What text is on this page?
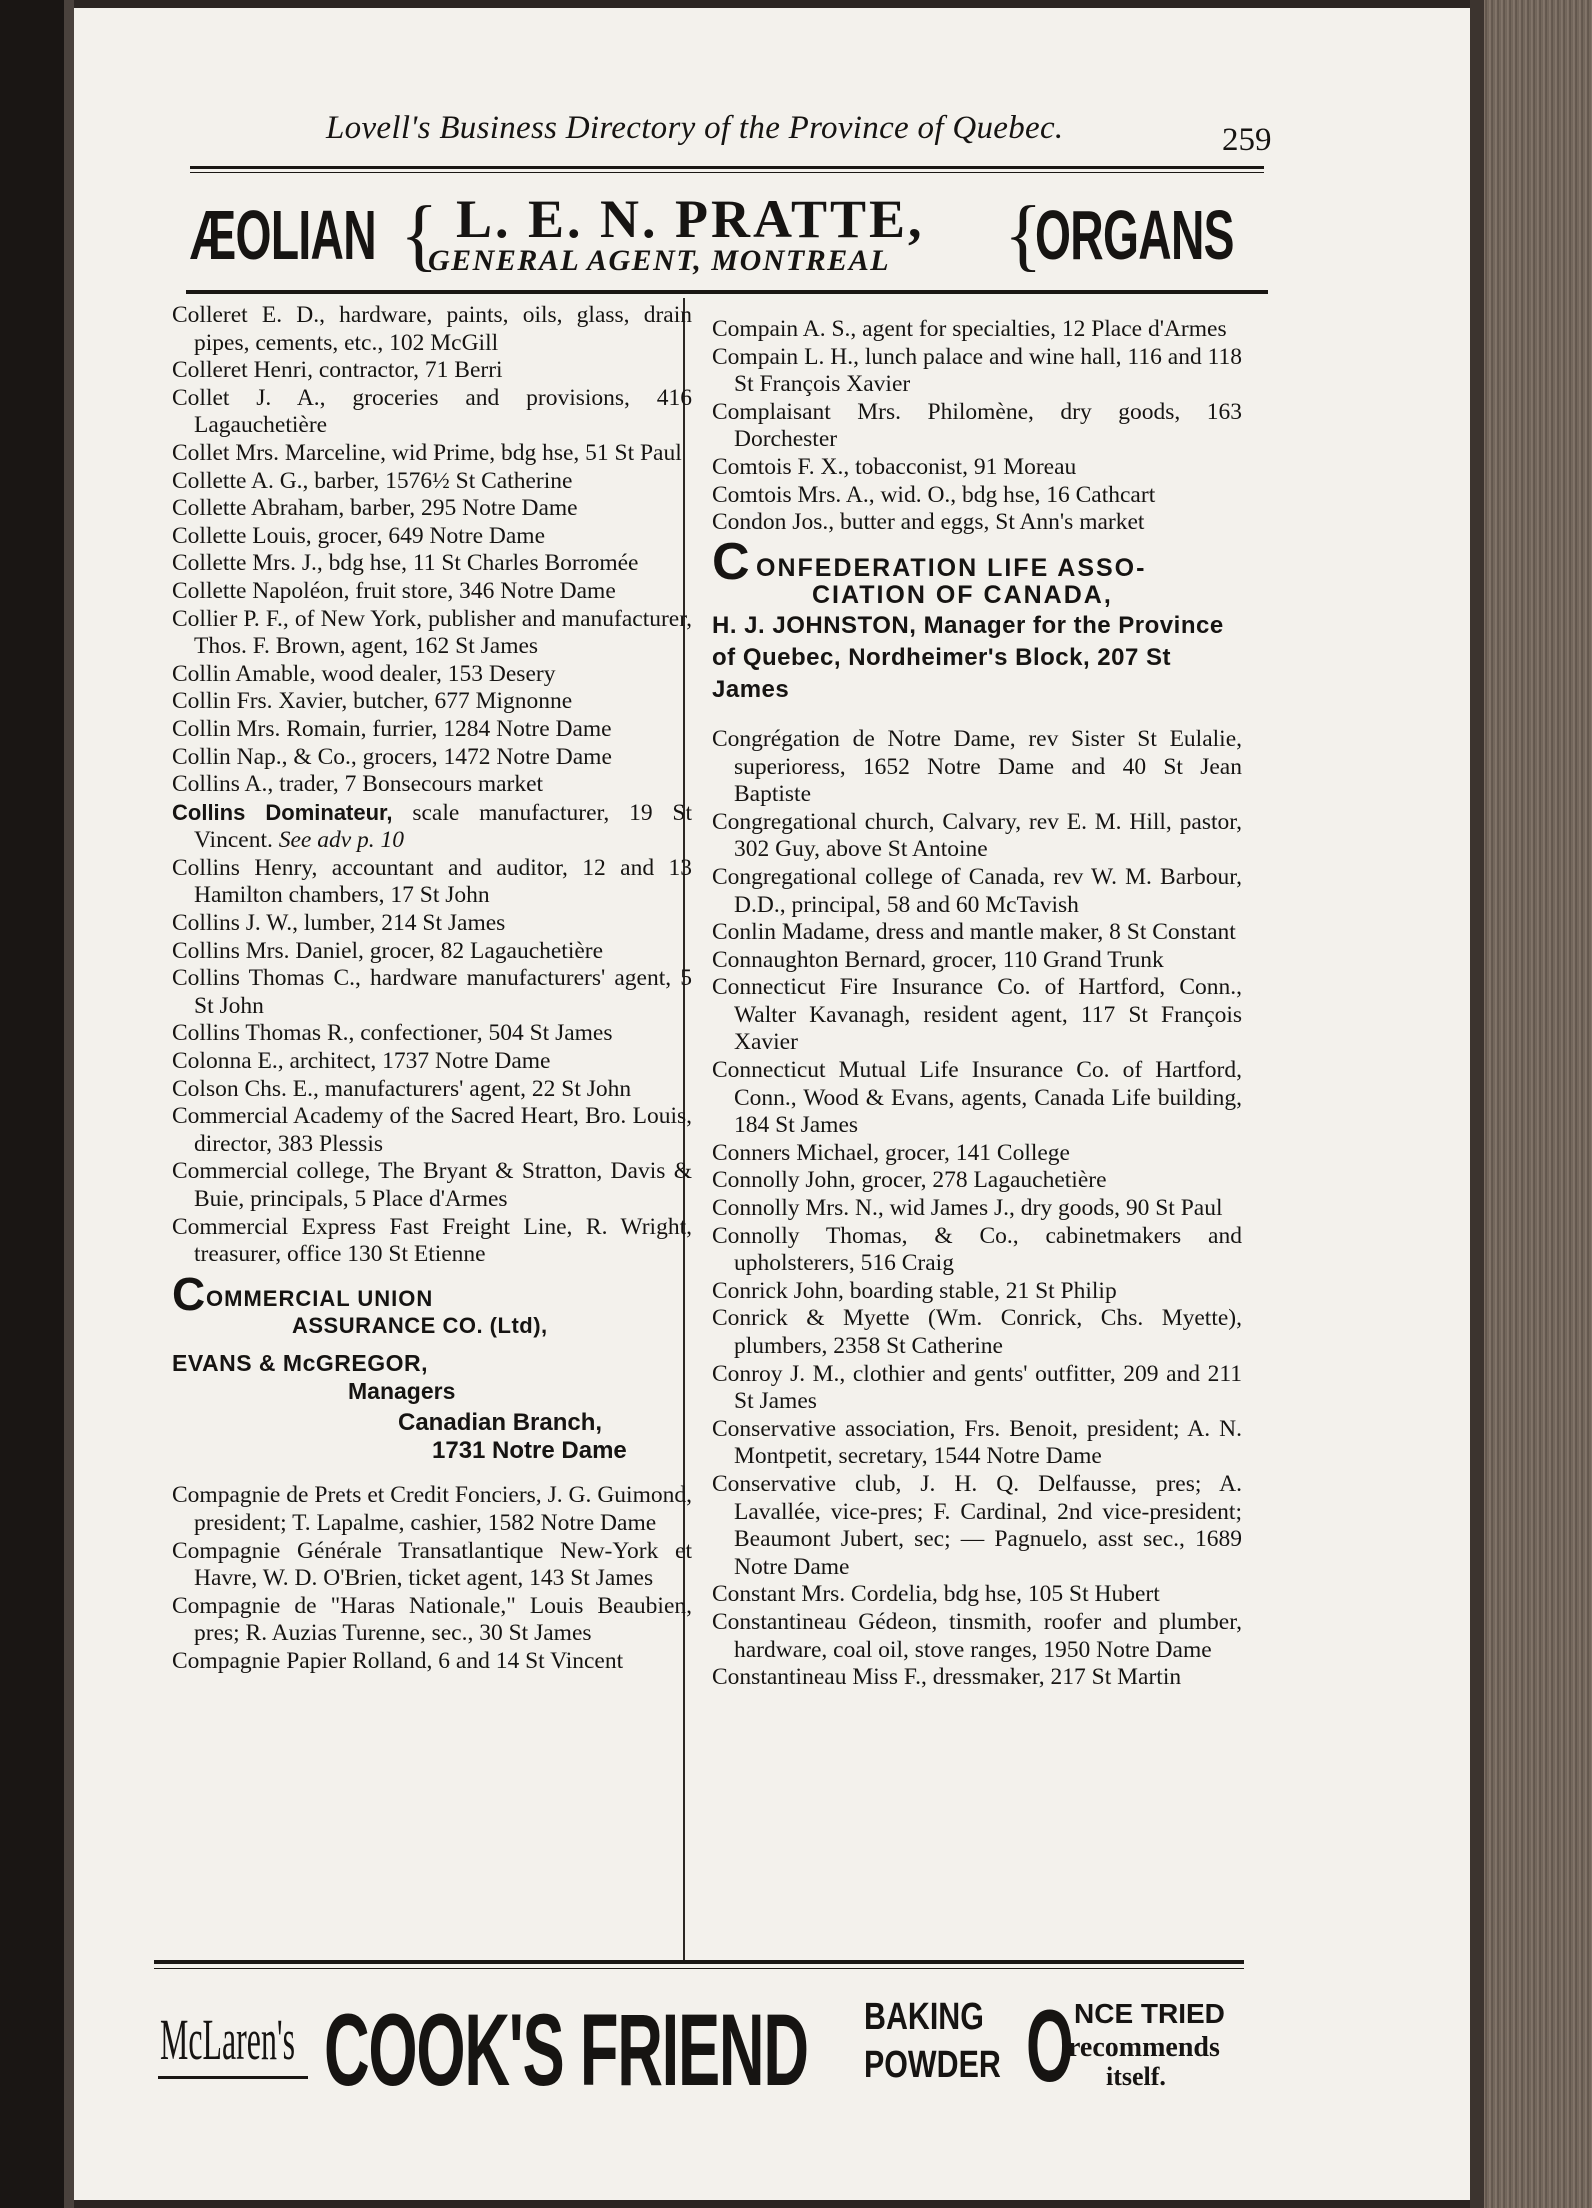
Lovell's Business Directory of the Province of Quebec.	259
ÆOLIAN { L. E. N. PRATTE,
GENERAL AGENT, MONTREAL {
ORGANS

Colleret E. D., hardware, paints, oils, glass, drain pipes, cements, etc., 102 McGill

Colleret Henri, contractor, 71 Berri

Collet J. A., groceries and provisions, 416 Lagauchetière

Collet Mrs. Marceline, wid Prime, bdg hse, 51 St Paul

Collette A. G., barber, 1576½ St Catherine

Collette Abraham, barber, 295 Notre Dame

Collette Louis, grocer, 649 Notre Dame

Collette Mrs. J., bdg hse, 11 St Charles Borromée

Collette Napoléon, fruit store, 346 Notre Dame

Collier P. F., of New York, publisher and manufacturer, Thos. F. Brown, agent, 162 St James

Collin Amable, wood dealer, 153 Desery

Collin Frs. Xavier, butcher, 677 Mignonne

Collin Mrs. Romain, furrier, 1284 Notre Dame

Collin Nap., & Co., grocers, 1472 Notre Dame

Collins A., trader, 7 Bonsecours market

Collins Dominateur, scale manufacturer, 19 St Vincent. See adv p. 10

Collins Henry, accountant and auditor, 12 and 13 Hamilton chambers, 17 St John

Collins J. W., lumber, 214 St James

Collins Mrs. Daniel, grocer, 82 Lagauchetière

Collins Thomas C., hardware manufacturers' agent, 5 St John

Collins Thomas R., confectioner, 504 St James

Colonna E., architect, 1737 Notre Dame

Colson Chs. E., manufacturers' agent, 22 St John

Commercial Academy of the Sacred Heart, Bro. Louis, director, 383 Plessis

Commercial college, The Bryant & Stratton, Davis & Buie, principals, 5 Place d'Armes

Commercial Express Fast Freight Line, R. Wright, treasurer, office 130 St Etienne

C OMMERCIAL UNION
ASSURANCE CO. (Ltd),
EVANS & McGREGOR,
Managers
Canadian Branch,
1731 Notre Dame

Compagnie de Prets et Credit Fonciers, J. G. Guimond, president; T. Lapalme, cashier, 1582 Notre Dame

Compagnie Générale Transatlantique New-York et Havre, W. D. O'Brien, ticket agent, 143 St James

Compagnie de "Haras Nationale," Louis Beaubien, pres; R. Auzias Turenne, sec., 30 St James

Compagnie Papier Rolland, 6 and 14 St Vincent

Compain A. S., agent for specialties, 12 Place d'Armes

Compain L. H., lunch palace and wine hall, 116 and 118 St François Xavier

Complaisant Mrs. Philomène, dry goods, 163 Dorchester

Comtois F. X., tobacconist, 91 Moreau

Comtois Mrs. A., wid. O., bdg hse, 16 Cathcart

Condon Jos., butter and eggs, St Ann's market

C ONFEDERATION LIFE ASSO-
CIATION OF CANADA,
H. J. JOHNSTON, Manager for the Province of Quebec, Nordheimer's Block, 207 St James

Congrégation de Notre Dame, rev Sister St Eulalie, superioress, 1652 Notre Dame and 40 St Jean Baptiste

Congregational church, Calvary, rev E. M. Hill, pastor, 302 Guy, above St Antoine

Congregational college of Canada, rev W. M. Barbour, D.D., principal, 58 and 60 McTavish

Conlin Madame, dress and mantle maker, 8 St Constant

Connaughton Bernard, grocer, 110 Grand Trunk

Connecticut Fire Insurance Co. of Hartford, Conn., Walter Kavanagh, resident agent, 117 St François Xavier

Connecticut Mutual Life Insurance Co. of Hartford, Conn., Wood & Evans, agents, Canada Life building, 184 St James

Conners Michael, grocer, 141 College

Connolly John, grocer, 278 Lagauchetière

Connolly Mrs. N., wid James J., dry goods, 90 St Paul

Connolly Thomas, & Co., cabinetmakers and upholsterers, 516 Craig

Conrick John, boarding stable, 21 St Philip

Conrick & Myette (Wm. Conrick, Chs. Myette), plumbers, 2358 St Catherine

Conroy J. M., clothier and gents' outfitter, 209 and 211 St James

Conservative association, Frs. Benoit, president; A. N. Montpetit, secretary, 1544 Notre Dame

Conservative club, J. H. Q. Delfausse, pres; A. Lavallée, vice-pres; F. Cardinal, 2nd vice-president; Beaumont Jubert, sec; — Pagnuelo, asst sec., 1689 Notre Dame

Constant Mrs. Cordelia, bdg hse, 105 St Hubert

Constantineau Gédeon, tinsmith, roofer and plumber, hardware, coal oil, stove ranges, 1950 Notre Dame

Constantineau Miss F., dressmaker, 217 St Martin

McLaren's COOK'S FRIEND BAKING
POWDER O NCE TRIED
recommends
itself.
